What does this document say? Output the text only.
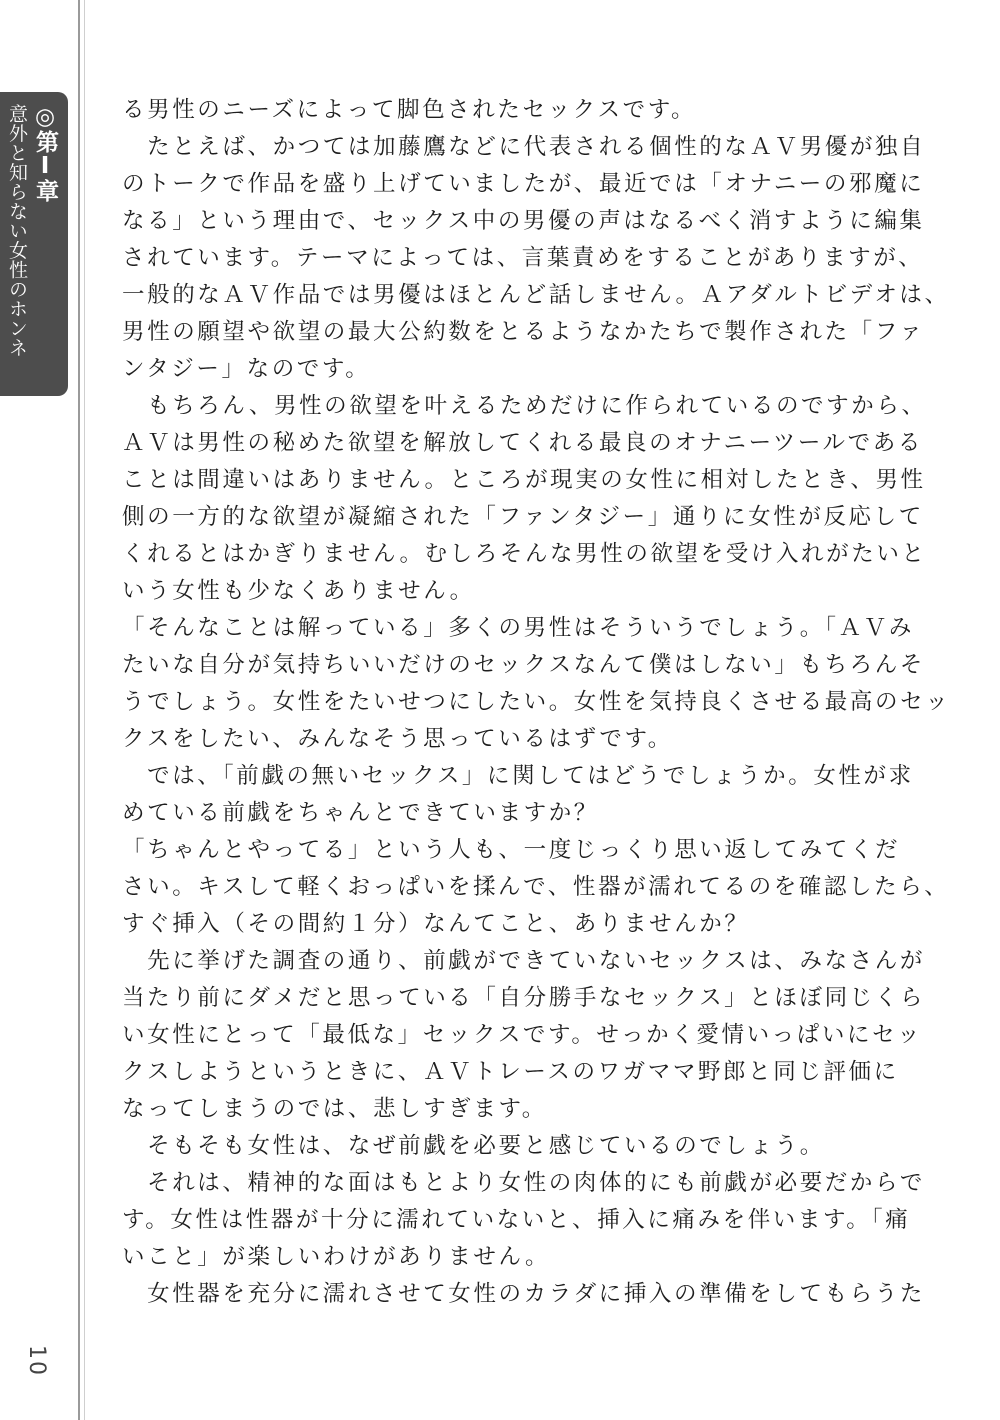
◎第Ⅰ章
意外と知らない女性のホンネ
10
る男性のニーズによって脚色されたセックスです。
　たとえば、かつては加藤鷹などに代表される個性的なＡＶ男優が独自
のトークで作品を盛り上げていましたが、最近では「オナニーの邪魔に
なる」という理由で、セックス中の男優の声はなるべく消すように編集
されています。テーマによっては、言葉責めをすることがありますが、
一般的なＡＶ作品では男優はほとんど話しません。Ａアダルトビデオは、
男性の願望や欲望の最大公約数をとるようなかたちで製作された「ファ
ンタジー」なのです。
　もちろん、男性の欲望を叶えるためだけに作られているのですから、
ＡＶは男性の秘めた欲望を解放してくれる最良のオナニーツールである
ことは間違いはありません。ところが現実の女性に相対したとき、男性
側の一方的な欲望が凝縮された「ファンタジー」通りに女性が反応して
くれるとはかぎりません。むしろそんな男性の欲望を受け入れがたいと
いう女性も少なくありません。
「そんなことは解っている」多くの男性はそういうでしょう。「ＡＶみ
たいな自分が気持ちいいだけのセックスなんて僕はしない」もちろんそ
うでしょう。女性をたいせつにしたい。女性を気持良くさせる最高のセッ
クスをしたい、みんなそう思っているはずです。
　では、「前戯の無いセックス」に関してはどうでしょうか。女性が求
めている前戯をちゃんとできていますか？
「ちゃんとやってる」という人も、一度じっくり思い返してみてくだ
さい。キスして軽くおっぱいを揉んで、性器が濡れてるのを確認したら、
すぐ挿入（その間約１分）なんてこと、ありませんか？
　先に挙げた調査の通り、前戯ができていないセックスは、みなさんが
当たり前にダメだと思っている「自分勝手なセックス」とほぼ同じくら
い女性にとって「最低な」セックスです。せっかく愛情いっぱいにセッ
クスしようというときに、ＡＶトレースのワガママ野郎と同じ評価に
なってしまうのでは、悲しすぎます。
　そもそも女性は、なぜ前戯を必要と感じているのでしょう。
　それは、精神的な面はもとより女性の肉体的にも前戯が必要だからで
す。女性は性器が十分に濡れていないと、挿入に痛みを伴います。「痛
いこと」が楽しいわけがありません。
　女性器を充分に濡れさせて女性のカラダに挿入の準備をしてもらうた
